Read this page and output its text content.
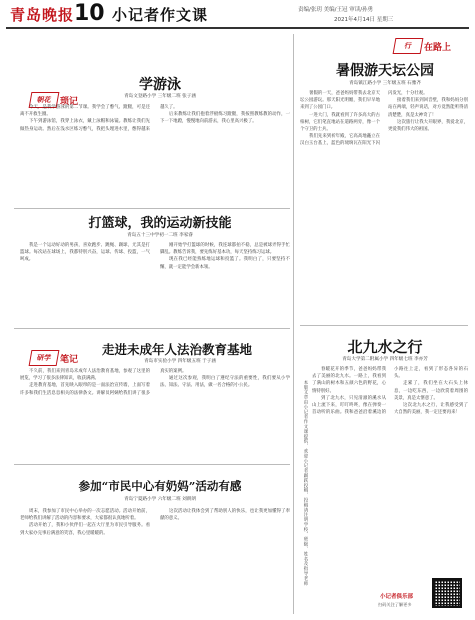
青岛晚报 10 小记者作文课	责编/张玥 美编/王冠 审读/孙勇
2021年4月14日 星期三
朝花 琐记
学游泳
青岛文登路小学 三年级二班 张子涵

今天，是我学游泳的第二节课。我学会了憋气、蹬腿，可是还离不开救生圈。

下午到游泳馆，我穿上泳衣，戴上泳帽和泳镜。教练让我们先做热身运动。然后在浅水区练习憋气，我把头埋进水里，憋得越来越久了。

后来教练让我们抱着浮板练习蹬腿，我按照教练教的动作，一下一下地蹬，慢慢地向前游去，我心里高兴极了。

打篮球，我的运动新技能
青岛五十三中学初一二班 李家睿

我是一个运动好动的男孩，喜欢跑步、跳绳、踢球，尤其是打篮球。每次站在球场上，我都特别兴奋，运球、传球、投篮，一气呵成。

刚开始学打篮球的时候，我连球都拍不稳，总是被球弄得手忙脚乱。教练告诉我，要先练好基本功，每天坚持练习运球。

现在我已经能熟练地运球和投篮了。我明白了，只要坚持不懈，就一定能学会新本领。

研学 笔记
走进未成年人法治教育基地
青岛市实验小学 四年级五班 于子涵

不久前，我们来到青岛未成年人法治教育基地，参观了这里的展览，学习了很多法律知识，收获满满。

走进教育基地，首先映入眼帘的是一面法治宣传墙，上面写着许多和我们生活息息相关的法律条文。讲解员阿姨给我们讲了很多真实的案例。

通过这次参观，我明白了遵纪守法的重要性，我们要从小学法、知法、守法、用法，做一名合格的小公民。

参加“市民中心有奶妈”活动有感
青岛宁夏路小学 六年级二班 刘朗朗

周末，我参加了市民中心举办的一次志愿活动。活动开始前，老师给我们讲解了活动的内容和要求，大家都很认真地听着。

活动开始了，我和小伙伴们一起在大厅里为市民引导服务。看到大家办完事后满意的笑容，我心里暖暖的。

这次活动让我体会到了帮助别人的快乐，也让我更加懂得了奉献的意义。

行	在路上
暑假游天坛公园
青岛镇江路小学 三年级五班 石雅齐

暑假的一天，爸爸妈妈带我去北京天坛公园游玩。那天阳光明媚，我们早早地来到了公园门口。

一进大门，我就看到了许多高大的古柏树，它们笔直地站在道路两旁，像一个个守卫的士兵。

我们先来到祈年殿，它高高地矗立在汉白玉台基上，蓝色的琉璃瓦在阳光下闪闪发光，十分壮观。

接着我们来到回音壁，我和妈妈分别站在两端，轻声说话，对方竟然能听得清清楚楚，真是太神奇了！

这次旅行让我大开眼界，我爱北京，更爱我们伟大的祖国。

北九水之行
青岛大学第二附属小学 四年级七班 李亦芳

春暖花开的季节，爸爸妈妈带我去了美丽的北九水。一路上，我看到了满山的树木和五颜六色的野花，心情特别好。

到了北九水，只见清澈的溪水从山上流下来，叮叮咚咚，像在弹奏一首动听的乐曲。我和爸爸沿着溪边的小路往上走，看到了形态各异的石头。

走累了，我们坐在大石头上休息，一边吃东西，一边欣赏着周围的美景，真是太惬意了。

这次北九水之行，让我感受到了大自然的美丽，我一定还要再来！

本版文章由小记者作文课提供，欢迎小记者踊跃投稿，投稿请注明学校、班级、姓名及指导老师
小记者俱乐部
扫码关注了解更多
